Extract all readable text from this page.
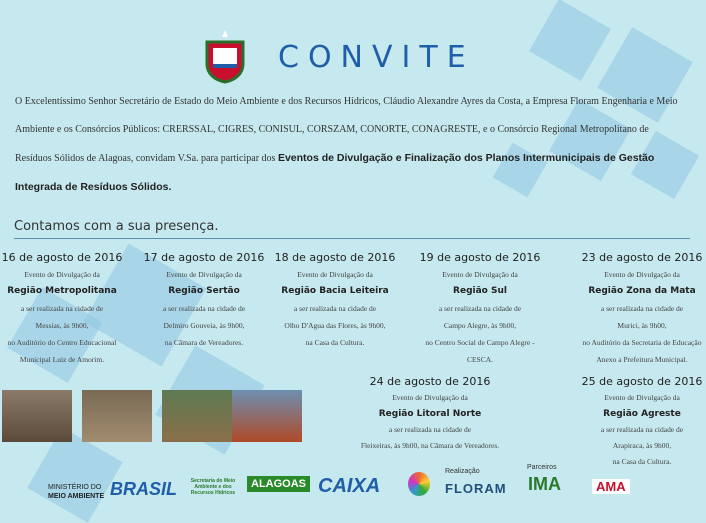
CONVITE
O Excelentíssimo Senhor Secretário de Estado do Meio Ambiente e dos Recursos Hídricos, Cláudio Alexandre Ayres da Costa, a Empresa Floram Engenharia e Meio Ambiente e os Consórcios Públicos: CRERSSAL, CIGRES, CONISUL, CORSZAM, CONORTE, CONAGRESTE, e o Consórcio Regional Metropolitano de Resíduos Sólidos de Alagoas, convidam V.Sa. para participar dos Eventos de Divulgação e Finalização dos Planos Intermunicipais de Gestão Integrada de Resíduos Sólidos.
Contamos com a sua presença.
16 de agosto de 2016
Evento de Divulgação da
Região Metropolitana
a ser realizada na cidade de
Messias, às 9h00,
no Auditório do Centro Educacional
Municipal Luiz de Amorim.
17 de agosto de 2016
Evento de Divulgação da
Região Sertão
a ser realizada na cidade de
Delmiro Gouveia, às 9h00,
na Câmara de Vereadores.
18 de agosto de 2016
Evento de Divulgação da
Região Bacia Leiteira
a ser realizada na cidade de
Olho D'Agua das Flores, às 9h00,
na Casa da Cultura.
19 de agosto de 2016
Evento de Divulgação da
Região Sul
a ser realizada na cidade de
Campo Alegre, às 9h00,
no Centro Social de Campo Alegre -
CESCA.
23 de agosto de 2016
Evento de Divulgação da
Região Zona da Mata
a ser realizada na cidade de
Murici, às 9h00,
no Auditório da Secretaria de Educação
Anexo a Prefeitura Municipal.
24 de agosto de 2016
Evento de Divulgação da
Região Litoral Norte
a ser realizada na cidade de
Fleixeiras, às 9h00, na Câmara de Vereadores.
25 de agosto de 2016
Evento de Divulgação da
Região Agreste
a ser realizada na cidade de
Arapiraca, às 9h00,
na Casa da Cultura.
MINISTÉRIO DO
MEIO AMBIENTE BRASIL	Secretaria do Meio Ambiente e dos Recursos Hídricos
ALAGOAS CAIXA
Realização
FLORAM
Parceiros
IMA	AMA
